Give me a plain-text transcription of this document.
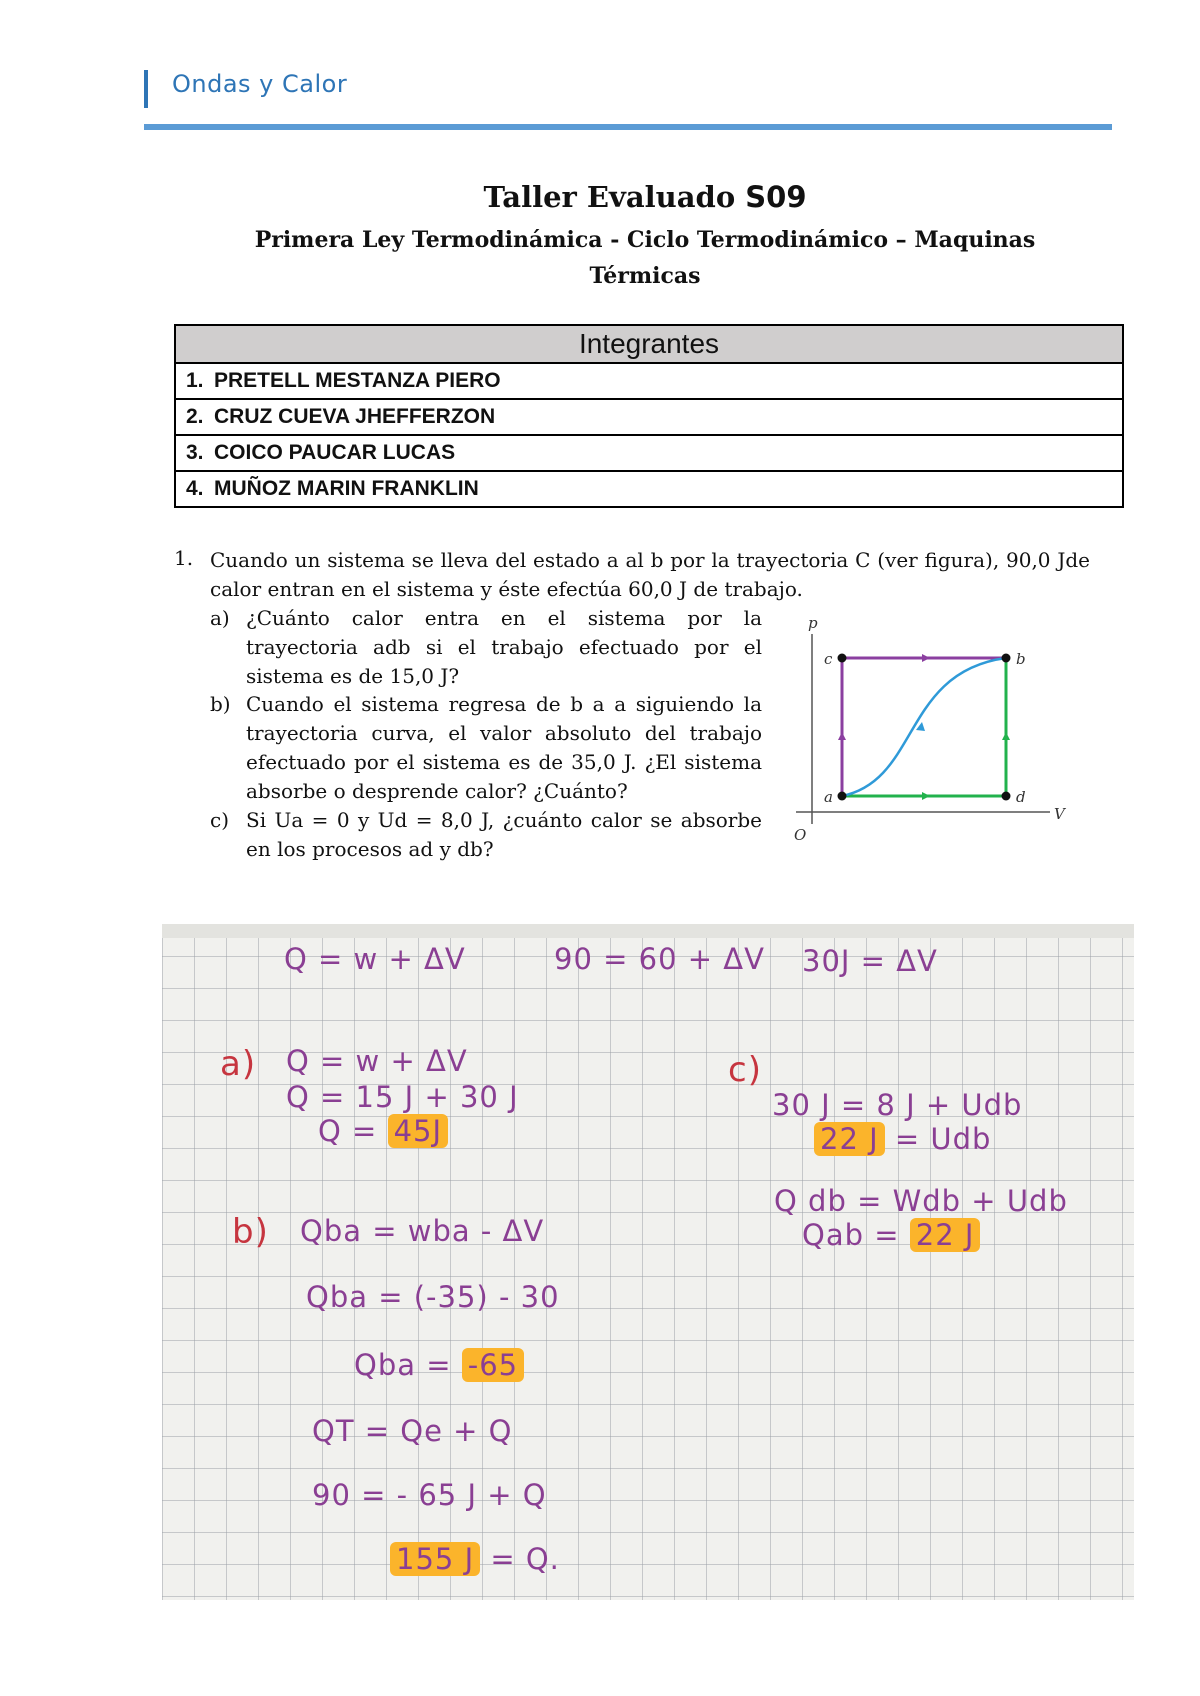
Ondas y Calor
Taller Evaluado S09
Primera Ley Termodinámica - Ciclo Termodinámico – Maquinas Térmicas
Integrantes
1. PRETELL MESTANZA PIERO
2. CRUZ CUEVA JHEFFERZON
3. COICO PAUCAR LUCAS
4. MUÑOZ MARIN FRANKLIN
1. Cuando un sistema se lleva del estado a al b por la trayectoria C (ver figura), 90,0 Jde calor entran en el sistema y éste efectúa 60,0 J de trabajo.
a) ¿Cuánto calor entra en el sistema por la trayectoria adb si el trabajo efectuado por el sistema es de 15,0 J?
b) Cuando el sistema regresa de b a a siguiendo la trayectoria curva, el valor absoluto del trabajo efectuado por el sistema es de 35,0 J. ¿El sistema absorbe o desprende calor? ¿Cuánto?
c) Si Ua = 0 y Ud = 8,0 J, ¿cuánto calor se absorbe en los procesos ad y db?
p
V
O
a
c	b
d
Q = w + ΔV	90 = 60 + ΔV 30J = ΔV
a) Q = w + ΔV
Q = 15 J + 30 J
Q = 45J
b) Qba = wba - ΔV
Qba = (-35) - 30
Qba = -65
QT = Qe + Q
90 = - 65 J + Q
155 J = Q.
c)
30 J = 8 J + Udb
22 J = Udb
Q db = Wdb + Udb
Qab = 22 J
